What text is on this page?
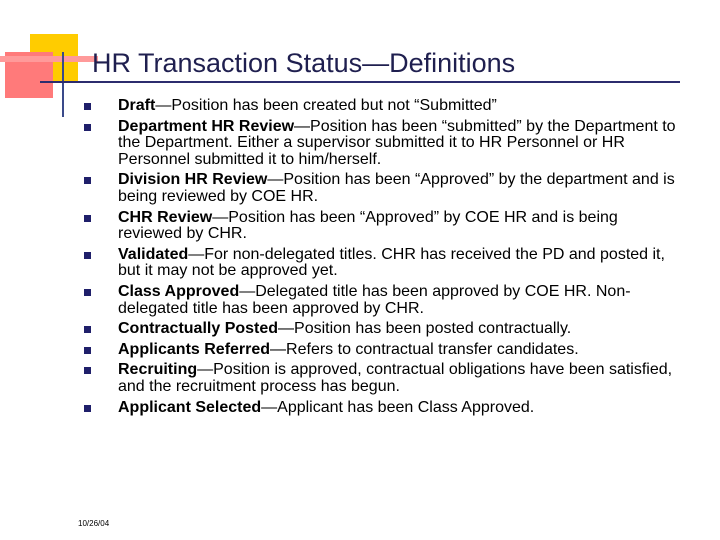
HR Transaction Status—Definitions
Draft—Position has been created but not “Submitted”
Department HR Review—Position has been “submitted” by the Department to the Department. Either a supervisor submitted it to HR Personnel or HR Personnel submitted it to him/herself.
Division HR Review—Position has been “Approved” by the department and is being reviewed by COE HR.
CHR Review—Position has been “Approved” by COE HR and is being reviewed by CHR.
Validated—For non-delegated titles. CHR has received the PD and posted it, but it may not be approved yet.
Class Approved—Delegated title has been approved by COE HR. Non-delegated title has been approved by CHR.
Contractually Posted—Position has been posted contractually.
Applicants Referred—Refers to contractual transfer candidates.
Recruiting—Position is approved, contractual obligations have been satisfied, and the recruitment process has begun.
Applicant Selected—Applicant has been Class Approved.
10/26/04
